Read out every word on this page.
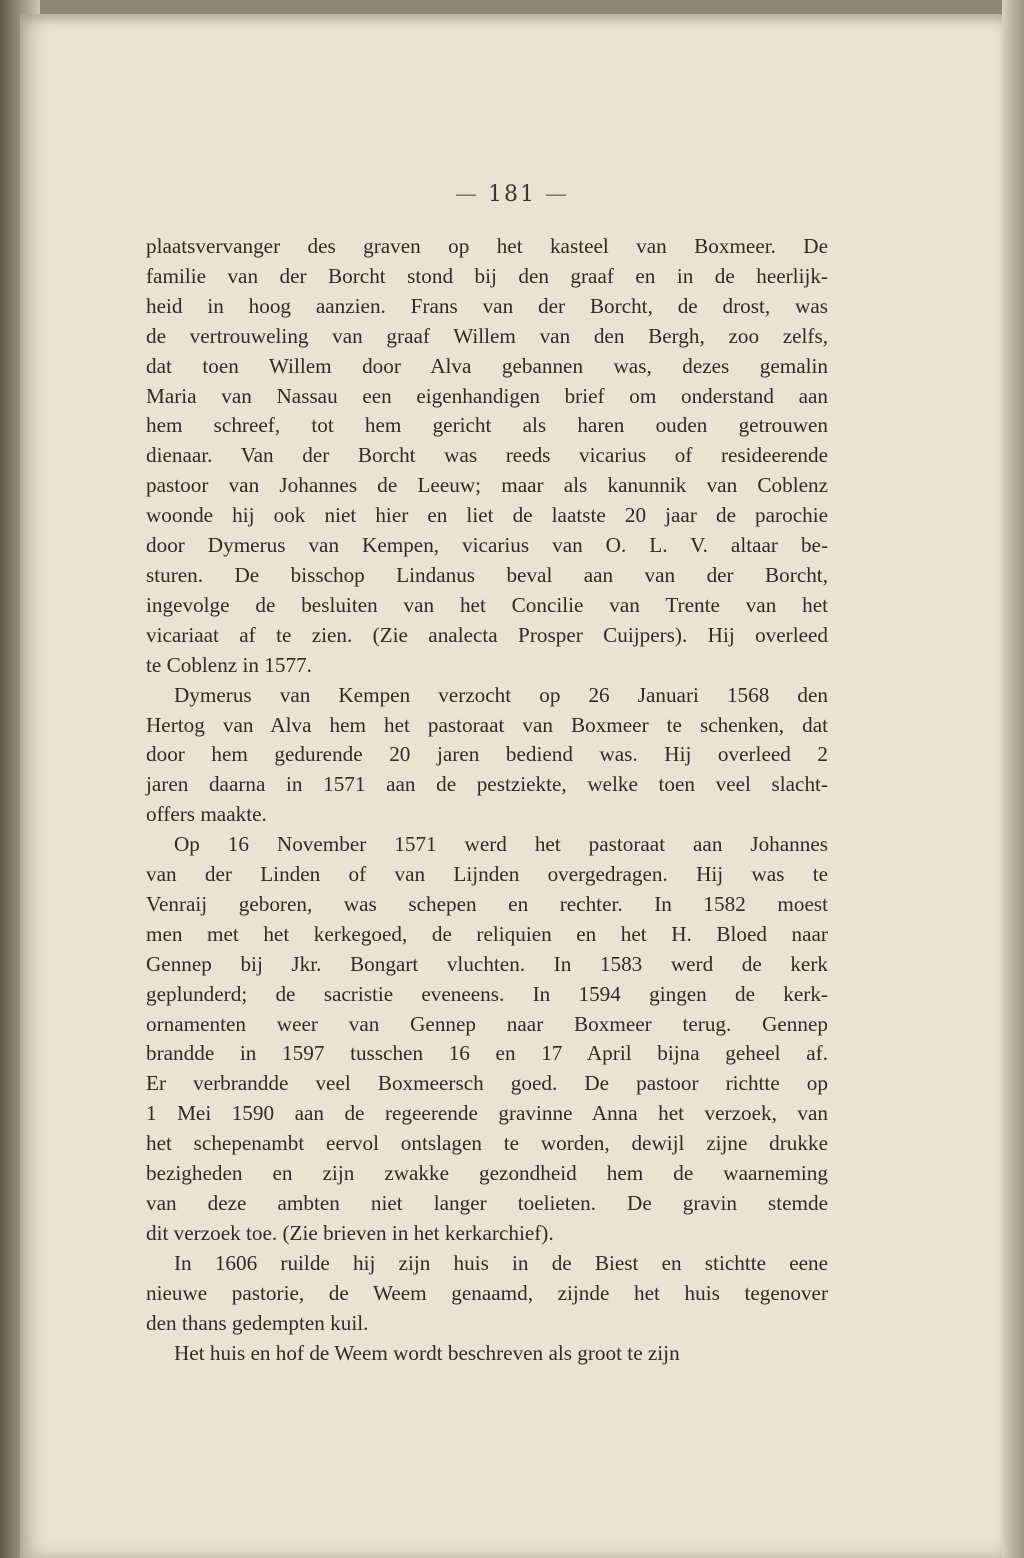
— 181 —

plaatsvervanger des graven op het kasteel van Boxmeer. De
familie van der Borcht stond bij den graaf en in de heerlijk-
heid in hoog aanzien. Frans van der Borcht, de drost, was
de vertrouweling van graaf Willem van den Bergh, zoo zelfs,
dat toen Willem door Alva gebannen was, dezes gemalin
Maria van Nassau een eigenhandigen brief om onderstand aan
hem schreef, tot hem gericht als haren ouden getrouwen
dienaar. Van der Borcht was reeds vicarius of resideerende
pastoor van Johannes de Leeuw; maar als kanunnik van Coblenz
woonde hij ook niet hier en liet de laatste 20 jaar de parochie
door Dymerus van Kempen, vicarius van O. L. V. altaar be-
sturen. De bisschop Lindanus beval aan van der Borcht,
ingevolge de besluiten van het Concilie van Trente van het
vicariaat af te zien. (Zie analecta Prosper Cuijpers). Hij overleed
te Coblenz in 1577.

Dymerus van Kempen verzocht op 26 Januari 1568 den
Hertog van Alva hem het pastoraat van Boxmeer te schenken, dat
door hem gedurende 20 jaren bediend was. Hij overleed 2
jaren daarna in 1571 aan de pestziekte, welke toen veel slacht-
offers maakte.

Op 16 November 1571 werd het pastoraat aan Johannes
van der Linden of van Lijnden overgedragen. Hij was te
Venraij geboren, was schepen en rechter. In 1582 moest
men met het kerkegoed, de reliquien en het H. Bloed naar
Gennep bij Jkr. Bongart vluchten. In 1583 werd de kerk
geplunderd; de sacristie eveneens. In 1594 gingen de kerk-
ornamenten weer van Gennep naar Boxmeer terug. Gennep
brandde in 1597 tusschen 16 en 17 April bijna geheel af.
Er verbrandde veel Boxmeersch goed. De pastoor richtte op
1 Mei 1590 aan de regeerende gravinne Anna het verzoek, van
het schepenambt eervol ontslagen te worden, dewijl zijne drukke
bezigheden en zijn zwakke gezondheid hem de waarneming
van deze ambten niet langer toelieten. De gravin stemde
dit verzoek toe. (Zie brieven in het kerkarchief).

In 1606 ruilde hij zijn huis in de Biest en stichtte eene
nieuwe pastorie, de Weem genaamd, zijnde het huis tegenover
den thans gedempten kuil.

Het huis en hof de Weem wordt beschreven als groot te zijn
